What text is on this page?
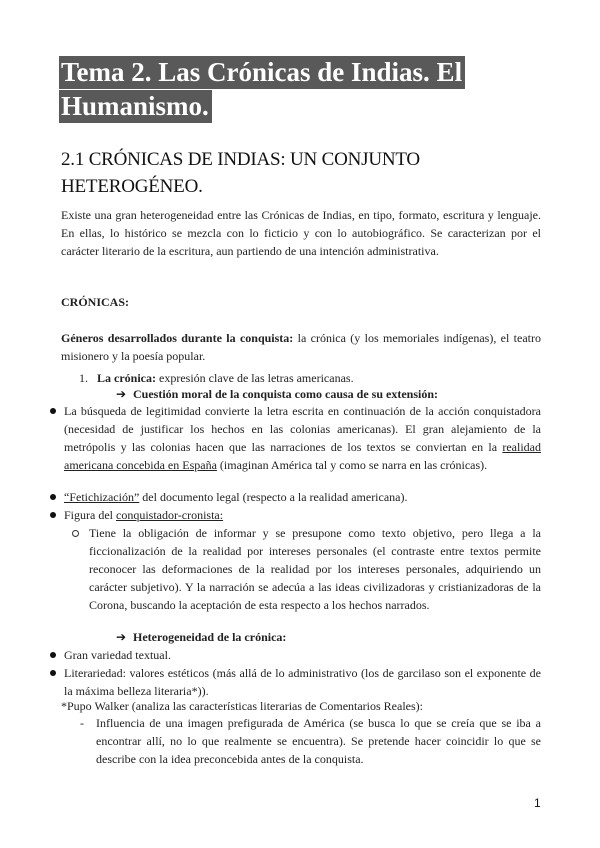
Tema 2. Las Crónicas de Indias. El
Humanismo.
2.1 CRÓNICAS DE INDIAS: UN CONJUNTO
HETEROGÉNEO.
Existe una gran heterogeneidad entre las Crónicas de Indias, en tipo, formato, escritura y lenguaje. En ellas, lo histórico se mezcla con lo ficticio y con lo autobiográfico. Se caracterizan por el carácter literario de la escritura, aun partiendo de una intención administrativa.
CRÓNICAS:
Géneros desarrollados durante la conquista: la crónica (y los memoriales indígenas), el teatro misionero y la poesía popular.
1. La crónica: expresión clave de las letras americanas.
➔ Cuestión moral de la conquista como causa de su extensión:
La búsqueda de legitimidad convierte la letra escrita en continuación de la acción conquistadora (necesidad de justificar los hechos en las colonias americanas). El gran alejamiento de la metrópolis y las colonias hacen que las narraciones de los textos se conviertan en la realidad americana concebida en España (imaginan América tal y como se narra en las crónicas).
“Fetichización” del documento legal (respecto a la realidad americana).
Figura del conquistador-cronista:
Tiene la obligación de informar y se presupone como texto objetivo, pero llega a la ficcionalización de la realidad por intereses personales (el contraste entre textos permite reconocer las deformaciones de la realidad por los intereses personales, adquiriendo un carácter subjetivo). Y la narración se adecúa a las ideas civilizadoras y cristianizadoras de la Corona, buscando la aceptación de esta respecto a los hechos narrados.
➔ Heterogeneidad de la crónica:
Gran variedad textual.
Literariedad: valores estéticos (más allá de lo administrativo (los de garcilaso son el exponente de la máxima belleza literaria*)).
*Pupo Walker (analiza las características literarias de Comentarios Reales):
-	Influencia de una imagen prefigurada de América (se busca lo que se creía que se iba a encontrar allí, no lo que realmente se encuentra). Se pretende hacer coincidir lo que se describe con la idea preconcebida antes de la conquista.
1
